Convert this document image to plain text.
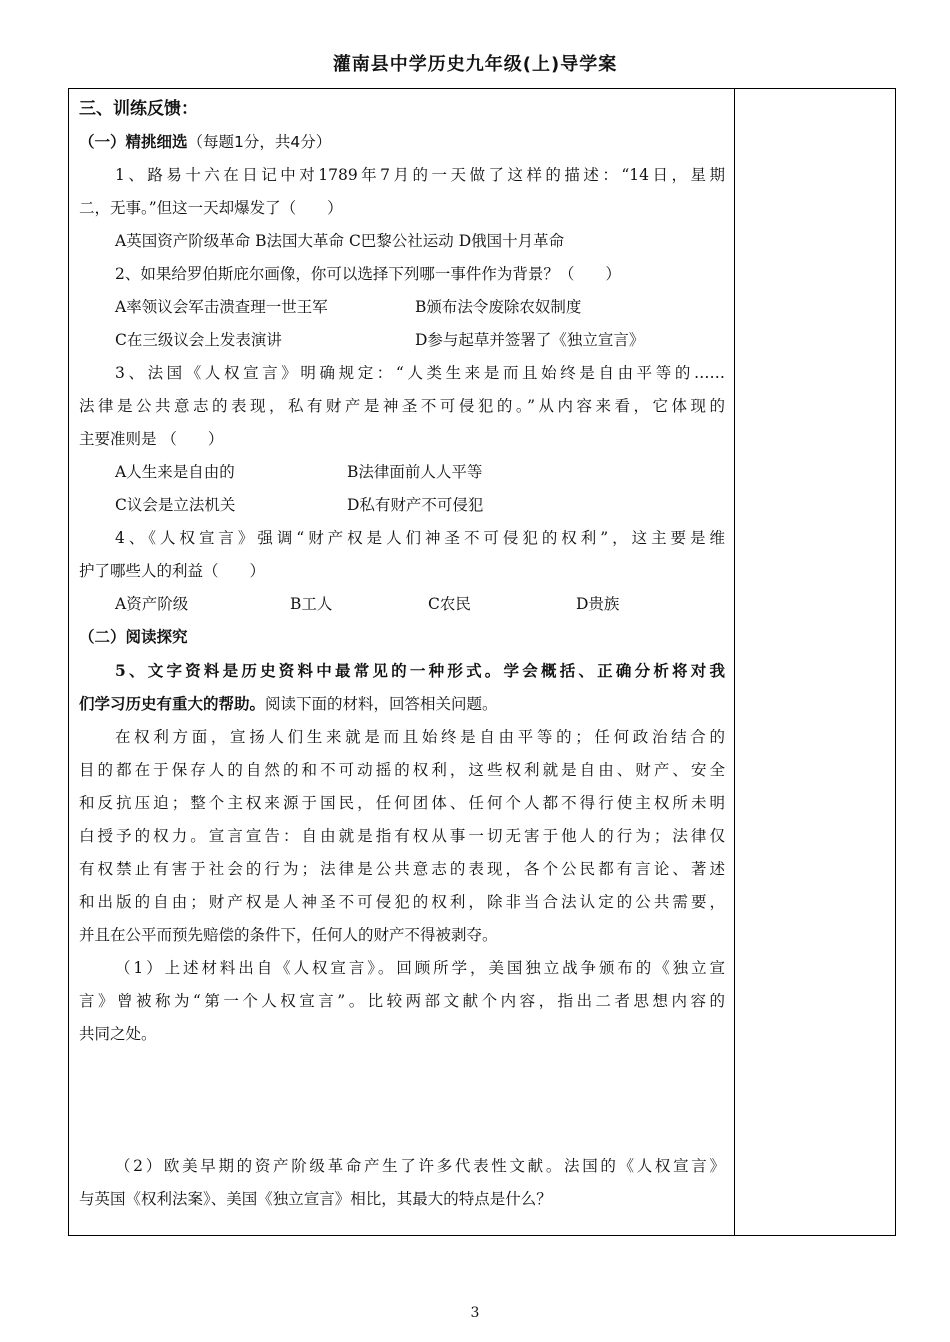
灌南县中学历史九年级(上)导学案
三、训练反馈：
（一）精挑细选（每题1分，共4分）
1、路易十六在日记中对1789年7月的一天做了这样的描述：“14日，星期
二，无事。”但这一天却爆发了（　　）
A英国资产阶级革命 B法国大革命 C巴黎公社运动 D俄国十月革命
2、如果给罗伯斯庇尔画像，你可以选择下列哪一事件作为背景？（　　）
A率领议会军击溃查理一世王军	B颁布法令废除农奴制度
C在三级议会上发表演讲	D参与起草并签署了《独立宣言》
3、法国《人权宣言》明确规定：“人类生来是而且始终是自由平等的……
法律是公共意志的表现，私有财产是神圣不可侵犯的。”从内容来看，它体现的
主要准则是 （　　）
A人生来是自由的	B法律面前人人平等
C议会是立法机关	D私有财产不可侵犯
4、《人权宣言》强调“财产权是人们神圣不可侵犯的权利”，这主要是维
护了哪些人的利益（　　）
A资产阶级	B工人	C农民	D贵族
（二）阅读探究
5、文字资料是历史资料中最常见的一种形式。学会概括、正确分析将对我
们学习历史有重大的帮助。阅读下面的材料，回答相关问题。
在权利方面，宣扬人们生来就是而且始终是自由平等的；任何政治结合的
目的都在于保存人的自然的和不可动摇的权利，这些权利就是自由、财产、安全
和反抗压迫；整个主权来源于国民，任何团体、任何个人都不得行使主权所未明
白授予的权力。宣言宣告：自由就是指有权从事一切无害于他人的行为；法律仅
有权禁止有害于社会的行为；法律是公共意志的表现，各个公民都有言论、著述
和出版的自由；财产权是人神圣不可侵犯的权利，除非当合法认定的公共需要，
并且在公平而预先赔偿的条件下，任何人的财产不得被剥夺。
（1）上述材料出自《人权宣言》。回顾所学，美国独立战争颁布的《独立宣
言》曾被称为“第一个人权宣言”。比较两部文献个内容，指出二者思想内容的
共同之处。
（2）欧美早期的资产阶级革命产生了许多代表性文献。法国的《人权宣言》
与英国《权利法案》、美国《独立宣言》相比，其最大的特点是什么？
3
